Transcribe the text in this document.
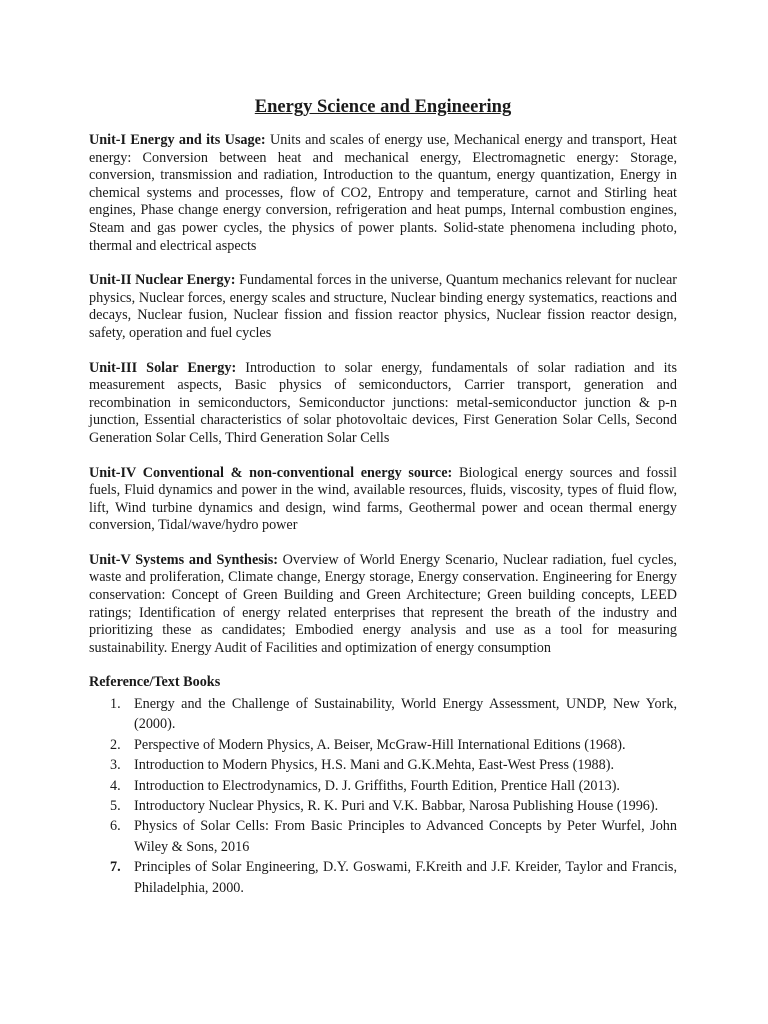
Energy Science and Engineering

Unit-I Energy and its Usage: Units and scales of energy use, Mechanical energy and transport, Heat energy: Conversion between heat and mechanical energy, Electromagnetic energy: Storage, conversion, transmission and radiation, Introduction to the quantum, energy quantization, Energy in chemical systems and processes, flow of CO2, Entropy and temperature, carnot and Stirling heat engines, Phase change energy conversion, refrigeration and heat pumps, Internal combustion engines, Steam and gas power cycles, the physics of power plants. Solid-state phenomena including photo, thermal and electrical aspects

Unit-II Nuclear Energy: Fundamental forces in the universe, Quantum mechanics relevant for nuclear physics, Nuclear forces, energy scales and structure, Nuclear binding energy systematics, reactions and decays, Nuclear fusion, Nuclear fission and fission reactor physics, Nuclear fission reactor design, safety, operation and fuel cycles

Unit-III Solar Energy: Introduction to solar energy, fundamentals of solar radiation and its measurement aspects, Basic physics of semiconductors, Carrier transport, generation and recombination in semiconductors, Semiconductor junctions: metal-semiconductor junction & p-n junction, Essential characteristics of solar photovoltaic devices, First Generation Solar Cells, Second Generation Solar Cells, Third Generation Solar Cells

Unit-IV Conventional & non-conventional energy source: Biological energy sources and fossil fuels, Fluid dynamics and power in the wind, available resources, fluids, viscosity, types of fluid flow, lift, Wind turbine dynamics and design, wind farms, Geothermal power and ocean thermal energy conversion, Tidal/wave/hydro power

Unit-V Systems and Synthesis: Overview of World Energy Scenario, Nuclear radiation, fuel cycles, waste and proliferation, Climate change, Energy storage, Energy conservation. Engineering for Energy conservation: Concept of Green Building and Green Architecture; Green building concepts, LEED ratings; Identification of energy related enterprises that represent the breath of the industry and prioritizing these as candidates; Embodied energy analysis and use as a tool for measuring sustainability. Energy Audit of Facilities and optimization of energy consumption

Reference/Text Books

1. Energy and the Challenge of Sustainability, World Energy Assessment, UNDP, New York, (2000).
2. Perspective of Modern Physics, A. Beiser, McGraw-Hill International Editions (1968).
3. Introduction to Modern Physics, H.S. Mani and G.K.Mehta, East-West Press (1988).
4. Introduction to Electrodynamics, D. J. Griffiths, Fourth Edition, Prentice Hall (2013).
5. Introductory Nuclear Physics, R. K. Puri and V.K. Babbar, Narosa Publishing House (1996).
6. Physics of Solar Cells: From Basic Principles to Advanced Concepts by Peter Wurfel, John Wiley & Sons, 2016
7. Principles of Solar Engineering, D.Y. Goswami, F.Kreith and J.F. Kreider, Taylor and Francis, Philadelphia, 2000.
